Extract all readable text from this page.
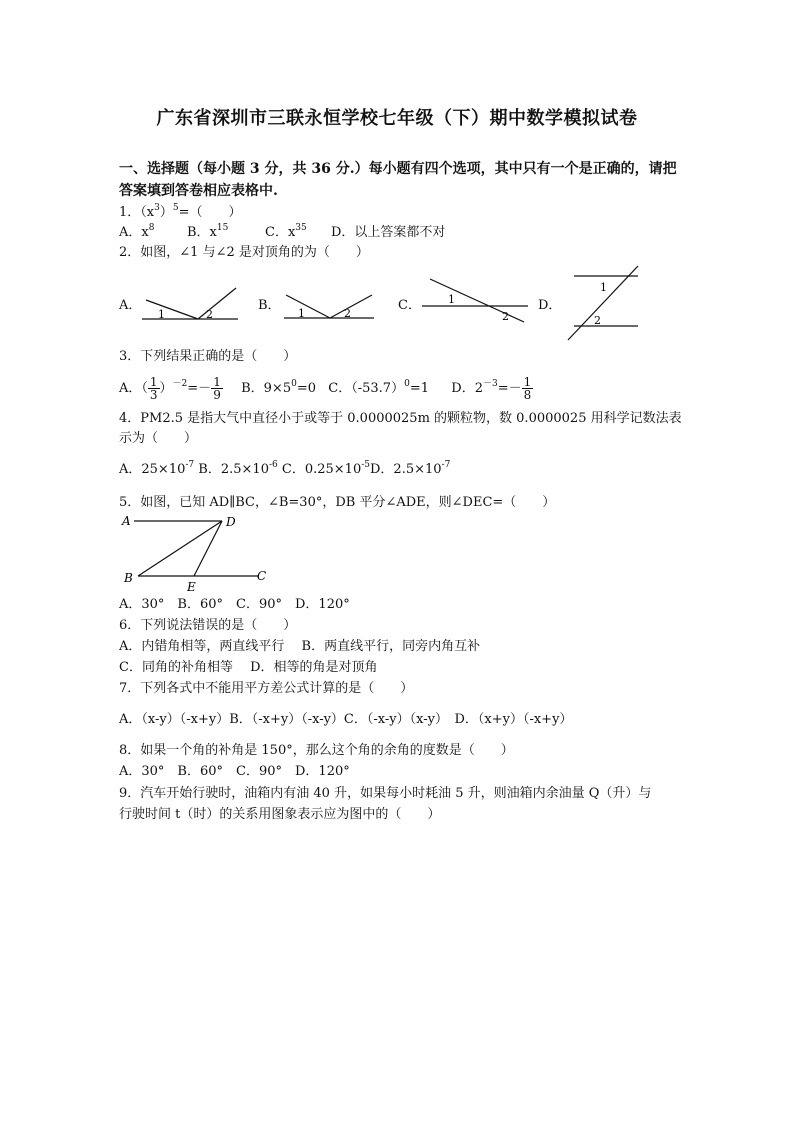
广东省深圳市三联永恒学校七年级（下）期中数学模拟试卷
一、选择题（每小题 3 分，共 36 分.）每小题有四个选项，其中只有一个是正确的，请把
答案填到答卷相应表格中.
1．$(x^3)^5=$（　　）
A．$x^8$	B．$x^{15}$	C．$x^{35}$ D．以上答案都不对
2．如图，∠1 与∠2 是对顶角的为（　　）
A．
1	2
B．
1	2
C． 1
2
D．
1
2
3．下列结果正确的是（　　）
A．（ $\frac{1}{3} )^{-2}=- \frac{1}{9}$ B．$9\times 5^0=0$ C．$(-53.7)^0=1$ D．$2^{-3}=- \frac{1}{8}$
4．PM2.5 是指大气中直径小于或等于 0.0000025m 的颗粒物，数 0.0000025 用科学记数法表
示为（　　）
A．$25\times 10^{-7}$ B．$2.5\times 10^{-6}$ C．$0.25\times 10^{-5}D$．$2.5\times 10^{-7}$
5．如图，已知 AD∥BC，∠B=30°，DB 平分∠ADE，则∠DEC=（　　）
A	D
B
E
C
A．30°　B．60°　C．90°　D．120°
6．下列说法错误的是（　　）
A．内错角相等，两直线平行　 B．两直线平行，同旁内角互补
C．同角的补角相等　 D．相等的角是对顶角
7．下列各式中不能用平方差公式计算的是（　　）
A．（x-y）（-x+y）B．（-x+y）（-x-y）C．（-x-y）（x-y）　D．（x+y）（-x+y）
8．如果一个角的补角是 150°，那么这个角的余角的度数是（　　）
A．30°　B．60°　C．90°　D．120°
9．汽车开始行驶时，油箱内有油 40 升，如果每小时耗油 5 升，则油箱内余油量 Q（升）与
行驶时间 t（时）的关系用图象表示应为图中的（　　）
